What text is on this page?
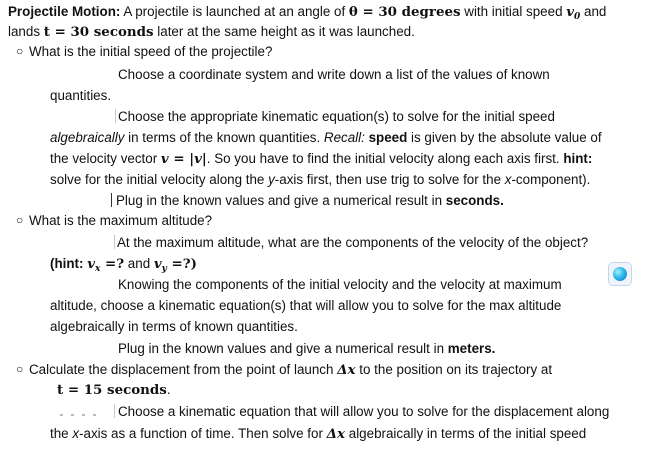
Projectile Motion: A projectile is launched at an angle of θ = 30 degrees with initial speed $v_0$ and
lands t = 30 seconds later at the same height as it was launched.
○ What is the initial speed of the projectile?
Choose a coordinate system and write down a list of the values of known
quantities.
Choose the appropriate kinematic equation(s) to solve for the initial speed
algebraically in terms of the known quantities. Recall: speed is given by the absolute value of
the velocity vector v = |v|. So you have to find the initial velocity along each axis first. hint:
solve for the initial velocity along the y-axis first, then use trig to solve for the x-component).
Plug in the known values and give a numerical result in seconds.
○ What is the maximum altitude?
At the maximum altitude, what are the components of the velocity of the object?
(hint: $v_x$ =? and $v_y$ =?)
Knowing the components of the initial velocity and the velocity at maximum
altitude, choose a kinematic equation(s) that will allow you to solve for the max altitude
algebraically in terms of known quantities.
Plug in the known values and give a numerical result in meters.
○ Calculate the displacement from the point of launch Δx to the position on its trajectory at
t = 15 seconds.
Choose a kinematic equation that will allow you to solve for the displacement along
the x-axis as a function of time. Then solve for Δx algebraically in terms of the initial speed
